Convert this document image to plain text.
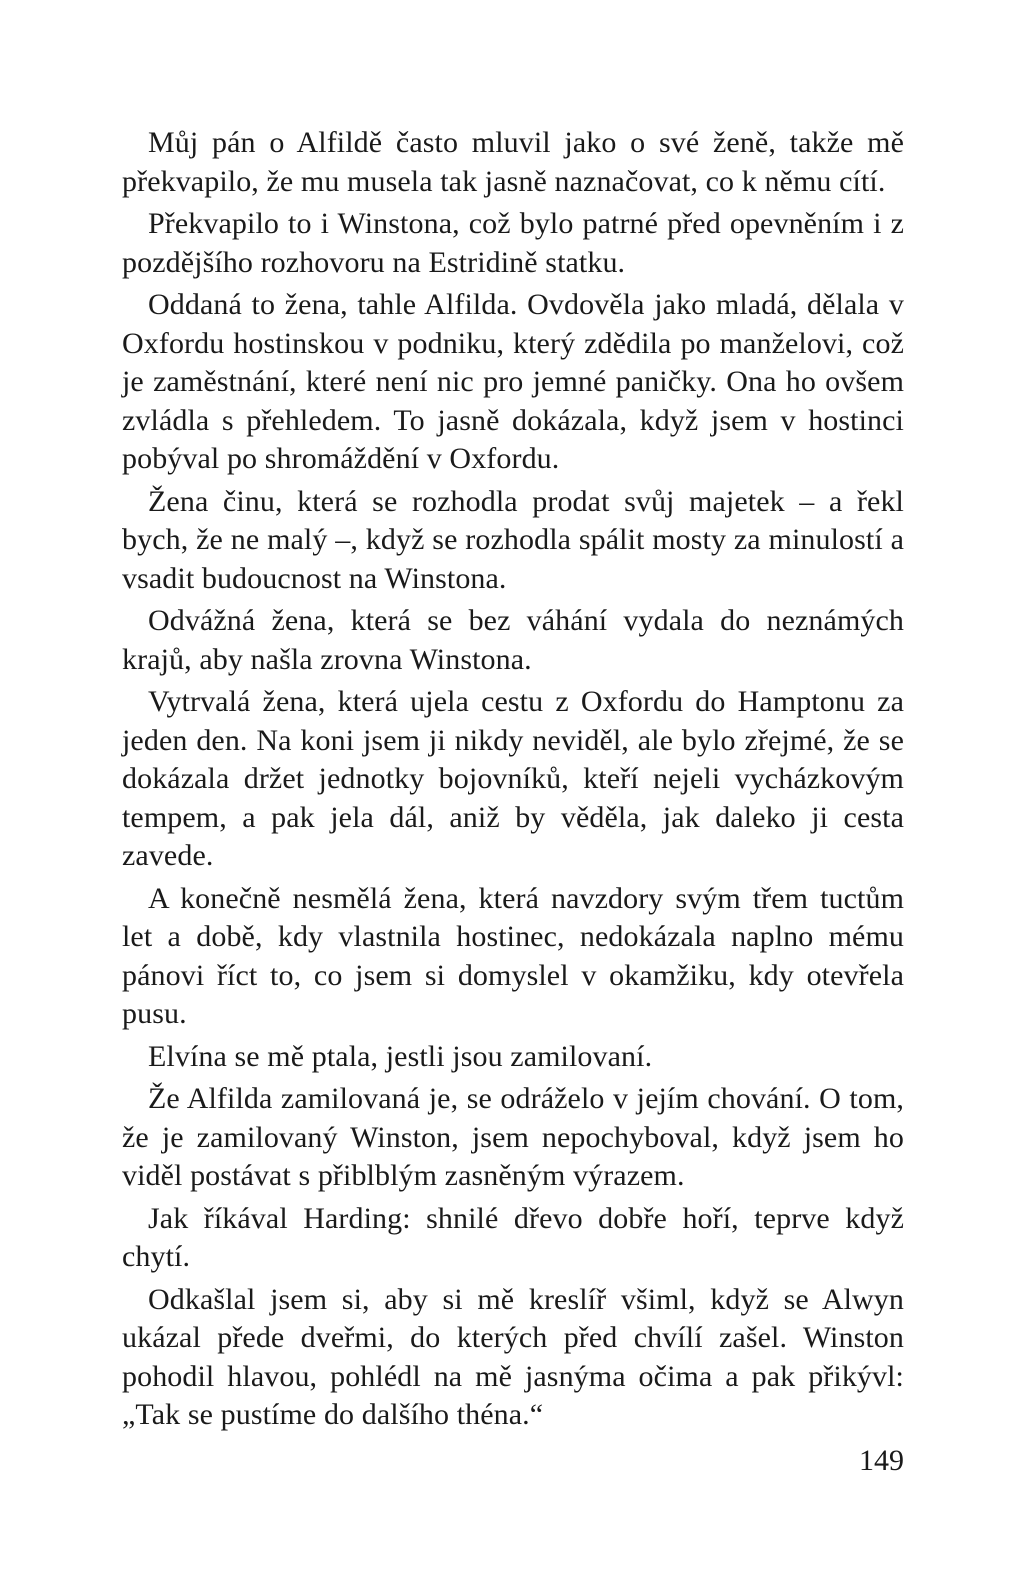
Můj pán o Alfildě často mluvil jako o své ženě, takže mě překvapilo, že mu musela tak jasně naznačovat, co k němu cítí.

Překvapilo to i Winstona, což bylo patrné před opevněním i z pozdějšího rozhovoru na Estridině statku.

Oddaná to žena, tahle Alfilda. Ovdověla jako mladá, dělala v Oxfordu hostinskou v podniku, který zdědila po manželovi, což je zaměstnání, které není nic pro jemné paničky. Ona ho ovšem zvládla s přehledem. To jasně dokázala, když jsem v hostinci pobýval po shromáždění v Oxfordu.

Žena činu, která se rozhodla prodat svůj majetek – a řekl bych, že ne malý –, když se rozhodla spálit mosty za minulostí a vsadit budoucnost na Winstona.

Odvážná žena, která se bez váhání vydala do neznámých krajů, aby našla zrovna Winstona.

Vytrvalá žena, která ujela cestu z Oxfordu do Hamptonu za jeden den. Na koni jsem ji nikdy neviděl, ale bylo zřejmé, že se dokázala držet jednotky bojovníků, kteří nejeli vycházkovým tempem, a pak jela dál, aniž by věděla, jak daleko ji cesta zavede.

A konečně nesmělá žena, která navzdory svým třem tuctům let a době, kdy vlastnila hostinec, nedokázala naplno mému pánovi říct to, co jsem si domyslel v okamžiku, kdy otevřela pusu.

Elvína se mě ptala, jestli jsou zamilovaní.

Že Alfilda zamilovaná je, se odráželo v jejím chování. O tom, že je zamilovaný Winston, jsem nepochyboval, když jsem ho viděl postávat s přiblblým zasněným výrazem.

Jak říkával Harding: shnilé dřevo dobře hoří, teprve když chytí.

Odkašlal jsem si, aby si mě kreslíř všiml, když se Alwyn ukázal přede dveřmi, do kterých před chvílí zašel. Winston pohodil hlavou, pohlédl na mě jasnýma očima a pak přikývl: „Tak se pustíme do dalšího théna.“

149
